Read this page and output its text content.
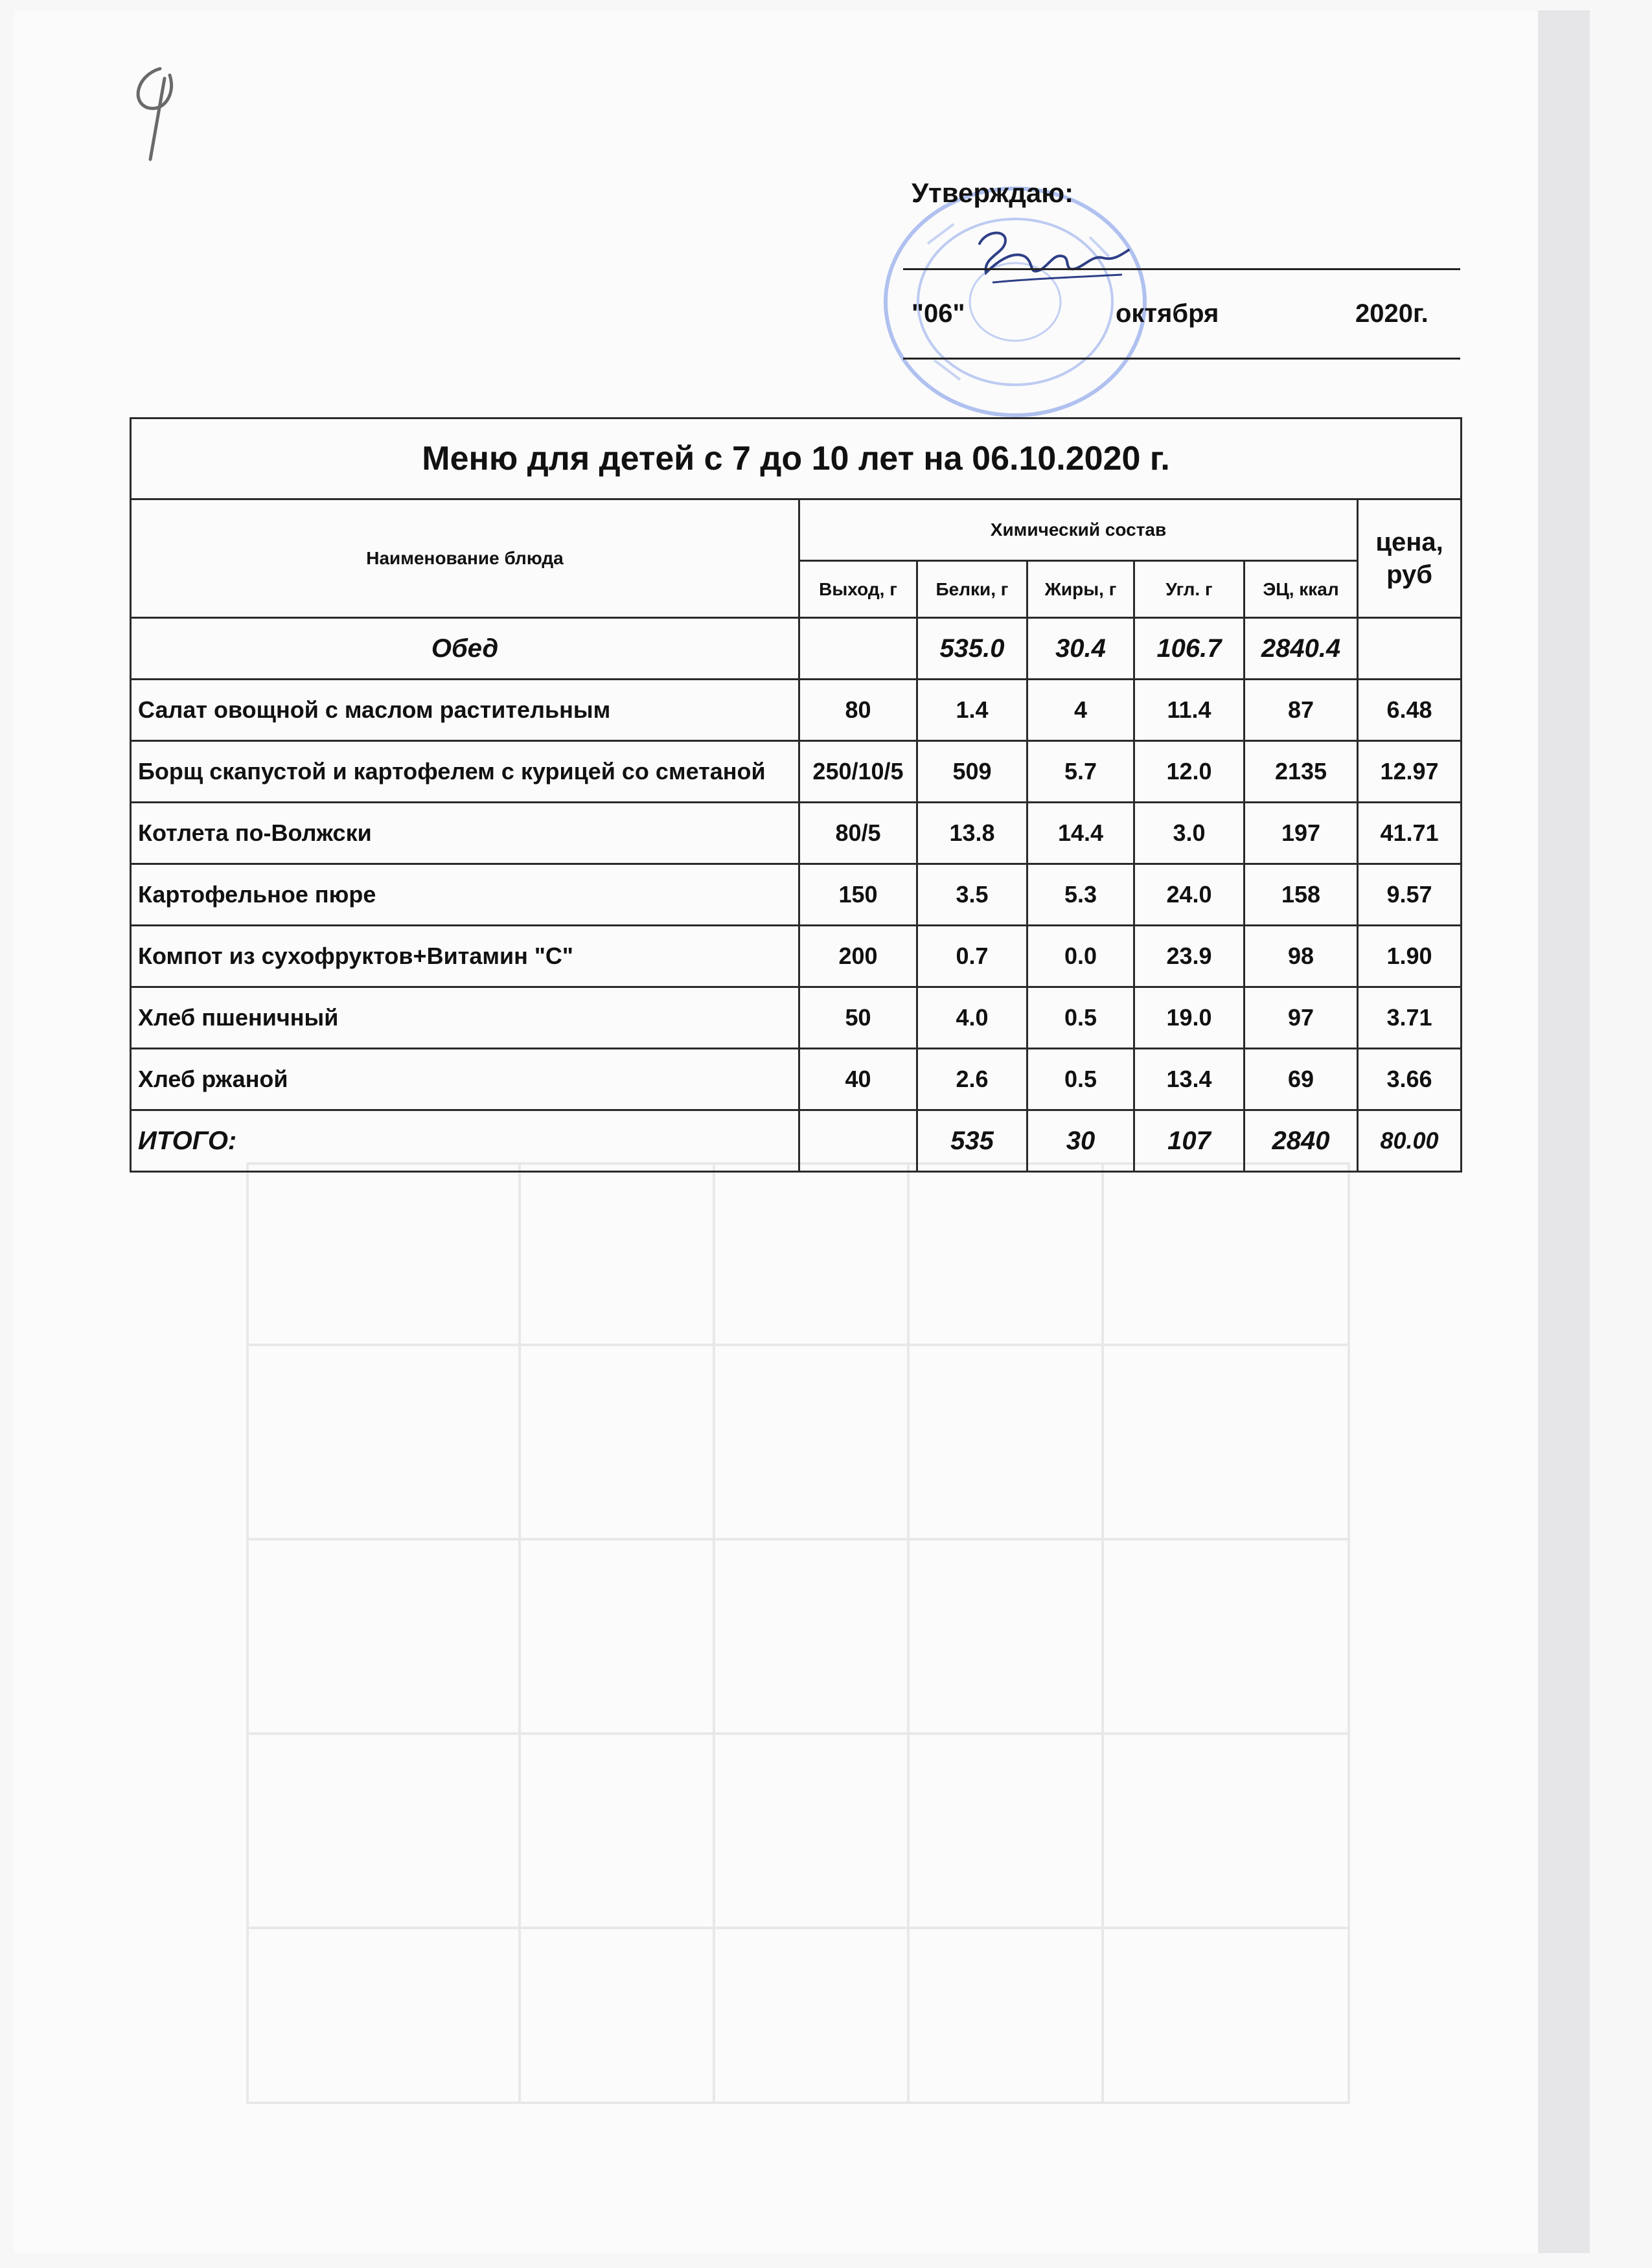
Утверждаю:
"06"	октября	2020г.
Меню для детей с 7 до 10 лет на 06.10.2020 г.						
Наименование блюда	Химический состав					цена, руб
	Выход, г	Белки, г	Жиры, г	Угл. г	ЭЦ, ккал	
Обед		535.0	30.4	106.7	2840.4	
Салат овощной с маслом растительным	80	1.4	4	11.4	87	6.48
Борщ скапустой и картофелем с курицей со сметаной	250/10/5	509	5.7	12.0	2135	12.97
Котлета по-Волжски	80/5	13.8	14.4	3.0	197	41.71
Картофельное пюре	150	3.5	5.3	24.0	158	9.57
Компот из сухофруктов+Витамин "С"	200	0.7	0.0	23.9	98	1.90
Хлеб пшеничный	50	4.0	0.5	19.0	97	3.71
Хлеб ржаной	40	2.6	0.5	13.4	69	3.66
ИТОГО:		535	30	107	2840	80.00
